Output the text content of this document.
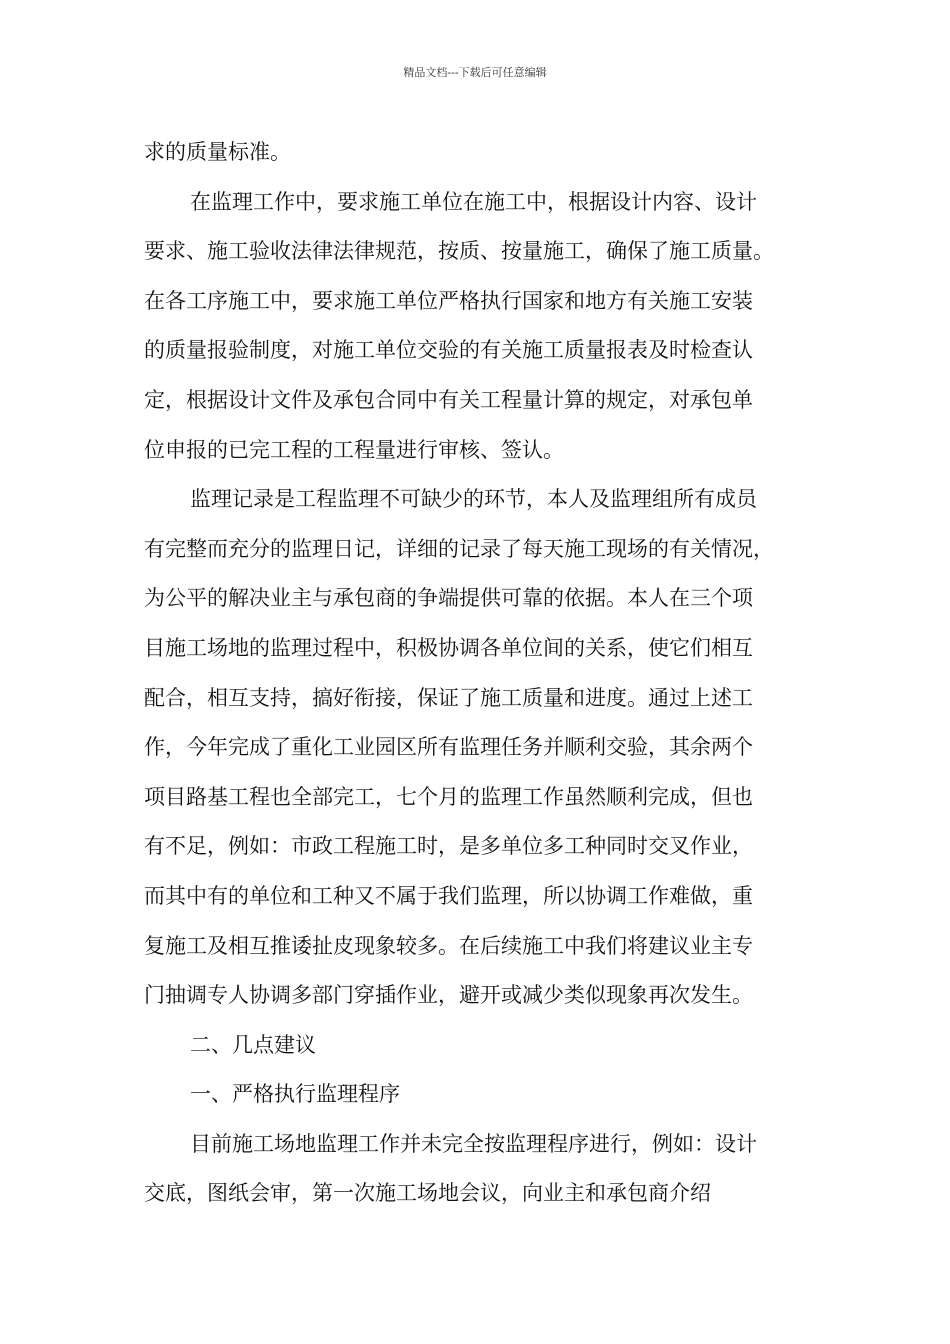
精品文档---下载后可任意编辑
求的质量标准。
在监理工作中，要求施工单位在施工中，根据设计内容、设计
要求、施工验收法律法律规范，按质、按量施工，确保了施工质量。
在各工序施工中，要求施工单位严格执行国家和地方有关施工安装
的质量报验制度，对施工单位交验的有关施工质量报表及时检查认
定，根据设计文件及承包合同中有关工程量计算的规定，对承包单
位申报的已完工程的工程量进行审核、签认。
监理记录是工程监理不可缺少的环节，本人及监理组所有成员
有完整而充分的监理日记，详细的记录了每天施工现场的有关情况，
为公平的解决业主与承包商的争端提供可靠的依据。本人在三个项
目施工场地的监理过程中，积极协调各单位间的关系，使它们相互
配合，相互支持，搞好衔接，保证了施工质量和进度。通过上述工
作，今年完成了重化工业园区所有监理任务并顺利交验，其余两个
项目路基工程也全部完工，七个月的监理工作虽然顺利完成，但也
有不足，例如：市政工程施工时，是多单位多工种同时交叉作业，
而其中有的单位和工种又不属于我们监理，所以协调工作难做，重
复施工及相互推诿扯皮现象较多。在后续施工中我们将建议业主专
门抽调专人协调多部门穿插作业，避开或减少类似现象再次发生。
二、几点建议
一、严格执行监理程序
目前施工场地监理工作并未完全按监理程序进行，例如：设计
交底，图纸会审，第一次施工场地会议，向业主和承包商介绍
